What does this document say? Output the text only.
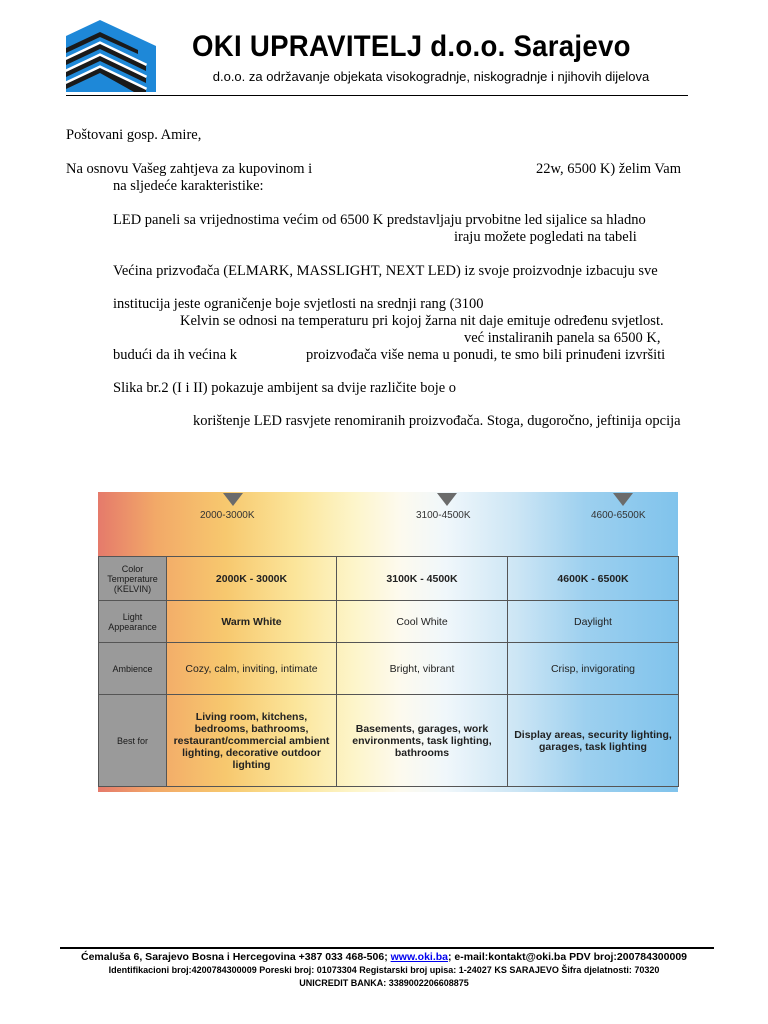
OKI UPRAVITELJ d.o.o. Sarajevo
d.o.o. za održavanje objekata visokogradnje, niskogradnje i njihovih dijelova
Poštovani gosp. Amire,
Na osnovu Vašeg zahtjeva za kupovinom i	22w, 6500 K) želim Vam
na sljedeće karakteristike:
LED paneli sa vrijednostima većim od 6500 K predstavljaju prvobitne led sijalice sa hladno
iraju možete pogledati na tabeli
Većina prizvođača (ELMARK, MASSLIGHT, NEXT LED) iz svoje proizvodnje izbacuju sve
institucija jeste ograničenje boje svjetlosti na srednji rang (3100
Kelvin se odnosi na temperaturu pri kojoj žarna nit daje emituje određenu svjetlost.
već instaliranih panela sa 6500 K,
budući da ih većina k	proizvođača više nema u ponudi, te smo bili prinuđeni izvršiti
Slika br.2 (I i II) pokazuje ambijent sa dvije različite boje o
korištenje LED rasvjete renomiranih proizvođača. Stoga, dugoročno, jeftinija opcija
2000-3000K	3100-4500K	4600-6500K
Color Temperature (KELVIN)	2000K - 3000K	3100K - 4500K	4600K - 6500K
Light Appearance	Warm White	Cool White	Daylight
Ambience	Cozy, calm, inviting, intimate	Bright, vibrant	Crisp, invigorating
Best for	Living room, kitchens, bedrooms, bathrooms, restaurant/commercial ambient lighting, decorative outdoor lighting	Basements, garages, work environments, task lighting, bathrooms	Display areas, security lighting, garages, task lighting
Ćemaluša 6, Sarajevo Bosna i Hercegovina +387 033 468-506; www.oki.ba; e-mail:kontakt@oki.ba PDV broj:200784300009
Identifikacioni broj:4200784300009 Poreski broj: 01073304 Registarski broj upisa: 1-24027 KS SARAJEVO Šifra djelatnosti: 70320
UNICREDIT BANKA: 3389002206608875
